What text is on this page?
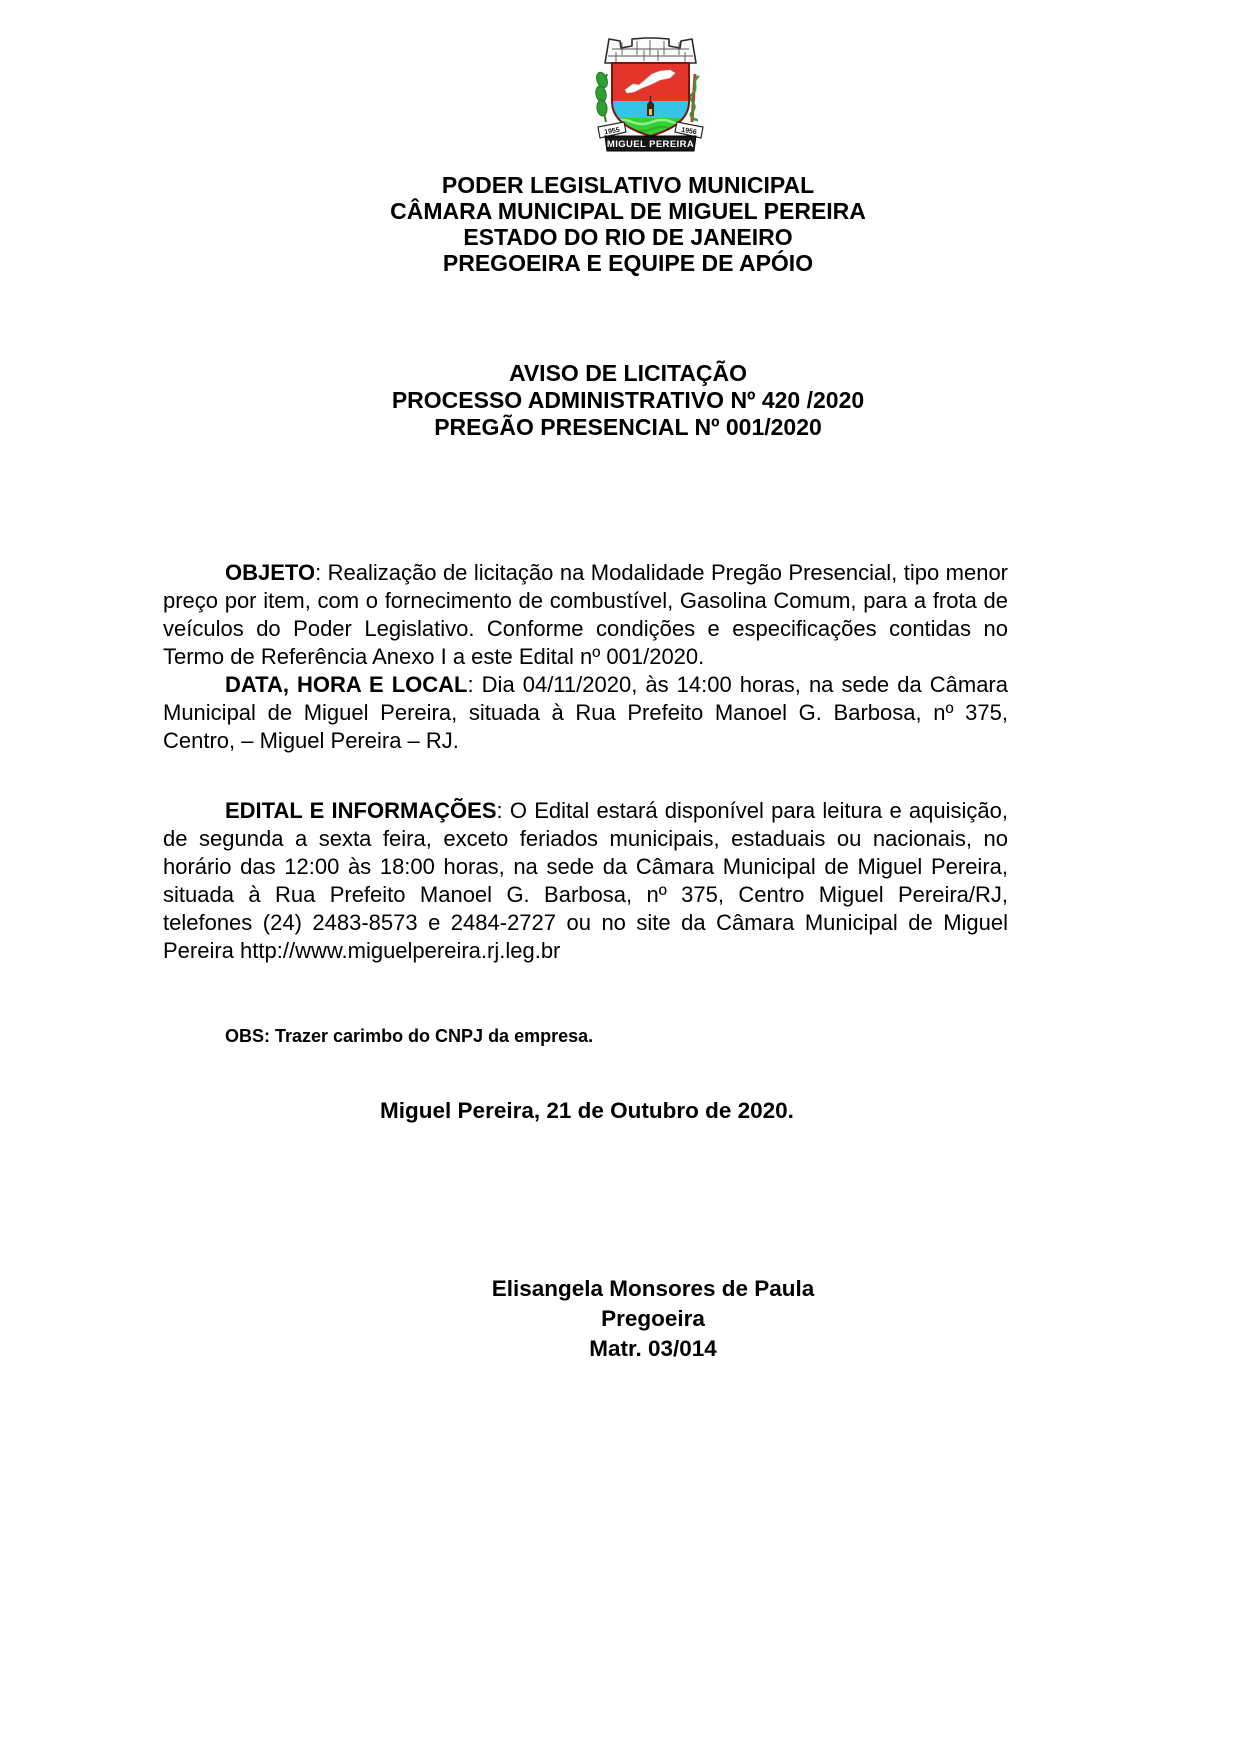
1955	1956
MIGUEL PEREIRA
PODER LEGISLATIVO MUNICIPAL
CÂMARA MUNICIPAL DE MIGUEL PEREIRA
ESTADO DO RIO DE JANEIRO
PREGOEIRA E EQUIPE DE APÓIO
AVISO DE LICITAÇÃO
PROCESSO ADMINISTRATIVO Nº 420 /2020
PREGÃO PRESENCIAL Nº 001/2020

OBJETO: Realização de licitação na Modalidade Pregão Presencial, tipo menor preço por item, com o fornecimento de combustível, Gasolina Comum, para a frota de veículos do Poder Legislativo. Conforme condições e especificações contidas no Termo de Referência Anexo I a este Edital nº 001/2020.

DATA, HORA E LOCAL: Dia 04/11/2020, às 14:00 horas, na sede da Câmara Municipal de Miguel Pereira, situada à Rua Prefeito Manoel G. Barbosa, nº 375, Centro, – Miguel Pereira – RJ.

EDITAL E INFORMAÇÕES: O Edital estará disponível para leitura e aquisição, de segunda a sexta feira, exceto feriados municipais, estaduais ou nacionais, no horário das 12:00 às 18:00 horas, na sede da Câmara Municipal de Miguel Pereira, situada à Rua Prefeito Manoel G. Barbosa, nº 375, Centro Miguel Pereira/RJ, telefones (24) 2483-8573 e 2484-2727 ou no site da Câmara Municipal de Miguel Pereira http://www.miguelpereira.rj.leg.br

OBS: Trazer carimbo do CNPJ da empresa.
Miguel Pereira, 21 de Outubro de 2020.
Elisangela Monsores de Paula
Pregoeira
Matr. 03/014
